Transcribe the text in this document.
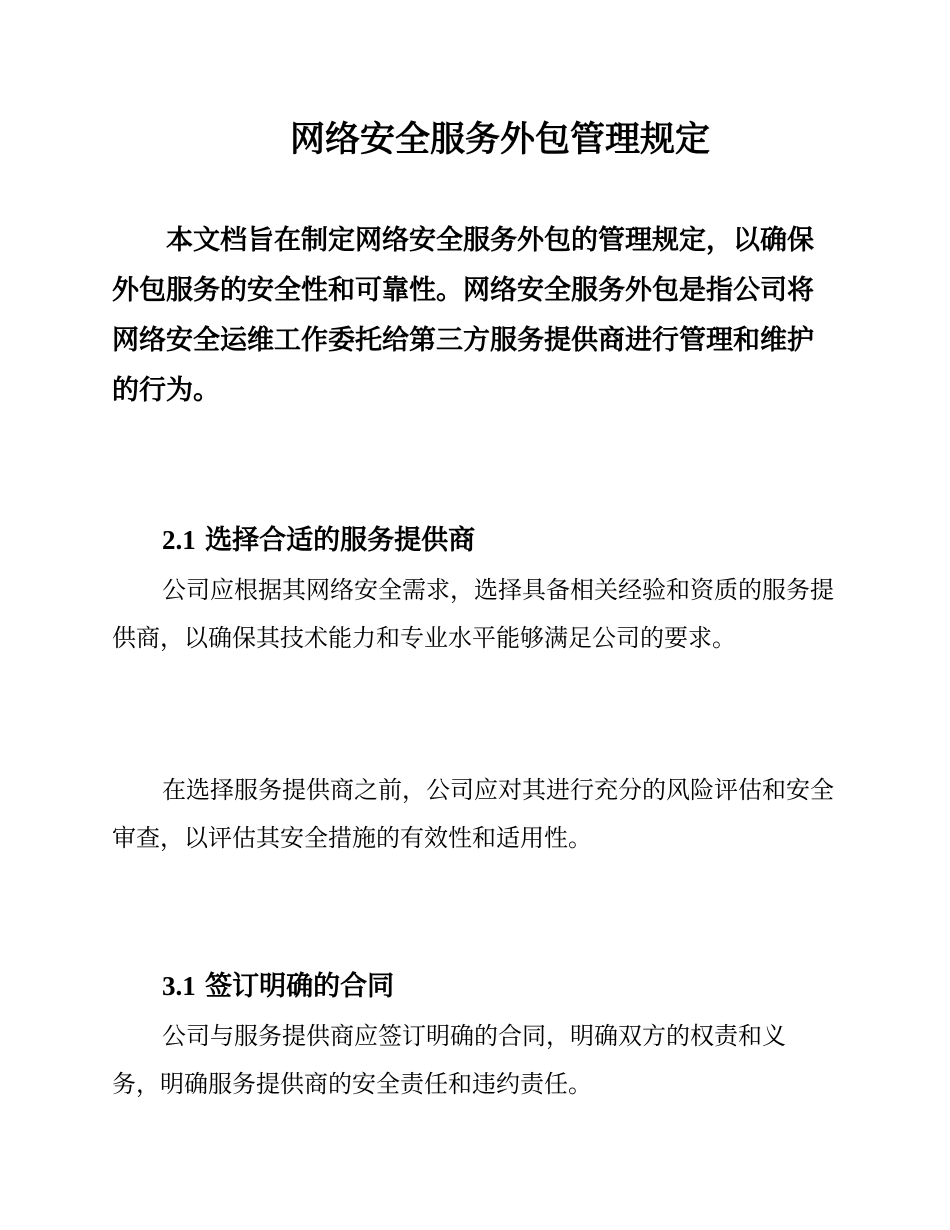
网络安全服务外包管理规定

本文档旨在制定网络安全服务外包的管理规定，以确保外包服务的安全性和可靠性。网络安全服务外包是指公司将网络安全运维工作委托给第三方服务提供商进行管理和维护的行为。

2.1 选择合适的服务提供商

公司应根据其网络安全需求，选择具备相关经验和资质的服务提供商，以确保其技术能力和专业水平能够满足公司的要求。

在选择服务提供商之前，公司应对其进行充分的风险评估和安全审查，以评估其安全措施的有效性和适用性。

3.1 签订明确的合同

公司与服务提供商应签订明确的合同，明确双方的权责和义务，明确服务提供商的安全责任和违约责任。
